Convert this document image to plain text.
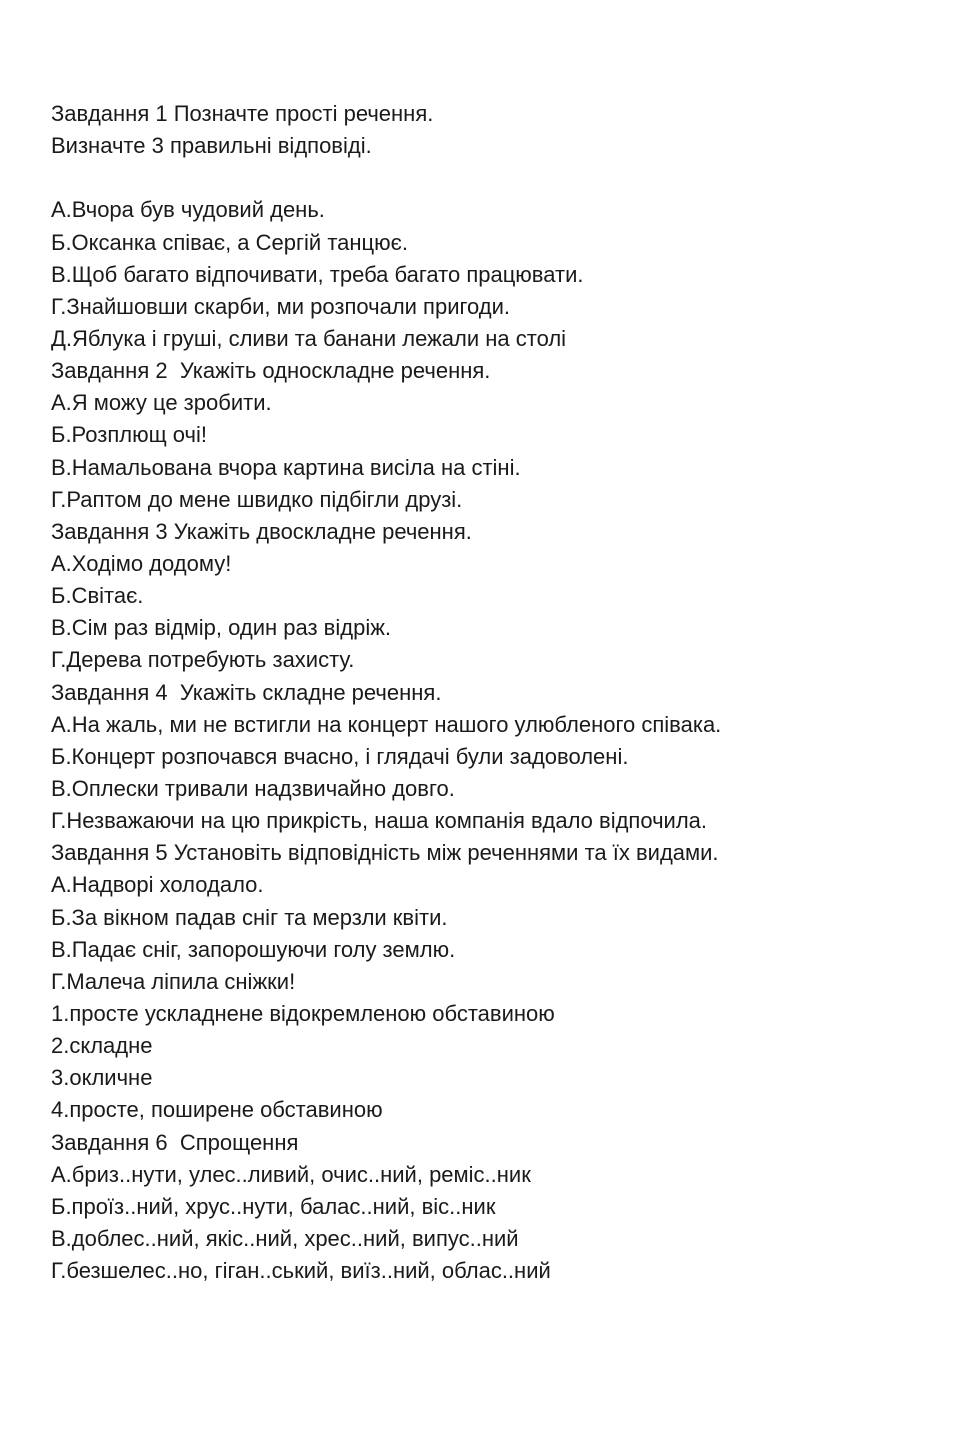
Завдання 1 Позначте прості речення.
Визначте 3 правильні відповіді.
А.Вчора був чудовий день.
Б.Оксанка співає, а Сергій танцює.
В.Щоб багато відпочивати, треба багато працювати.
Г.Знайшовши скарби, ми розпочали пригоди.
Д.Яблука і груші, сливи та банани лежали на столі
Завдання 2  Укажіть односкладне речення.
А.Я можу це зробити.
Б.Розплющ очі!
В.Намальована вчора картина висіла на стіні.
Г.Раптом до мене швидко підбігли друзі.
Завдання 3 Укажіть двоскладне речення.
А.Ходімо додому!
Б.Світає.
В.Сім раз відмір, один раз відріж.
Г.Дерева потребують захисту.
Завдання 4  Укажіть складне речення.
А.На жаль, ми не встигли на концерт нашого улюбленого співака.
Б.Концерт розпочався вчасно, і глядачі були задоволені.
В.Оплески тривали надзвичайно довго.
Г.Незважаючи на цю прикрість, наша компанія вдало відпочила.
Завдання 5 Установіть відповідність між реченнями та їх видами.
А.Надворі холодало.
Б.За вікном падав сніг та мерзли квіти.
В.Падає сніг, запорошуючи голу землю.
Г.Малеча ліпила сніжки!
1.просте ускладнене відокремленою обставиною
2.складне
3.окличне
4.просте, поширене обставиною
Завдання 6  Спрощення
А.бриз..нути, улес..ливий, очис..ний, реміс..ник
Б.проїз..ний, хрус..нути, балас..ний, віс..ник
В.доблес..ний, якіс..ний, хрес..ний, випус..ний
Г.безшелес..но, гіган..ський, виїз..ний, облас..ний
